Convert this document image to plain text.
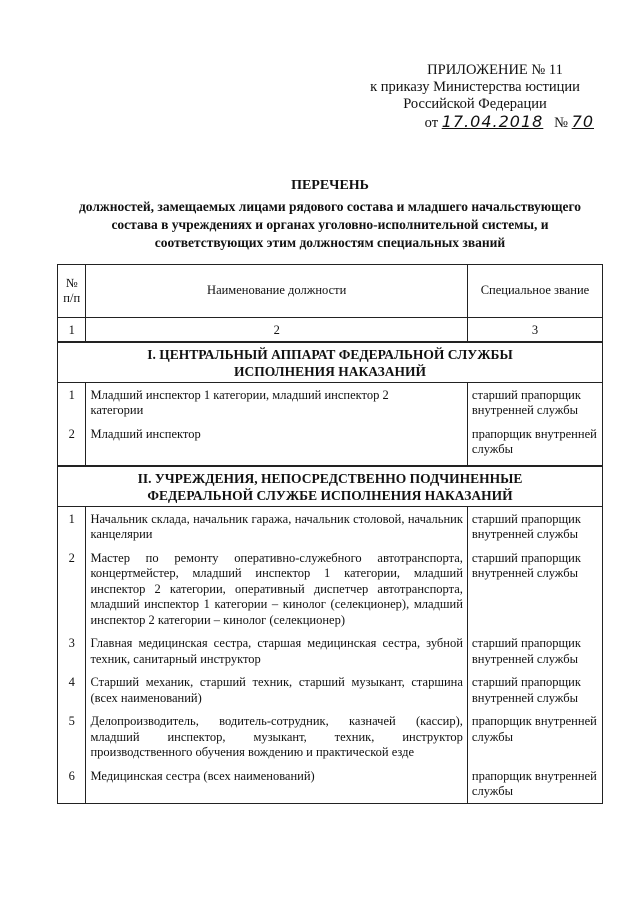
ПРИЛОЖЕНИЕ № 11
к приказу Министерства юстиции
Российской Федерации
от 17.04.2018 № 70
ПЕРЕЧЕНЬ
должностей, замещаемых лицами рядового состава и младшего начальствующего состава в учреждениях и органах уголовно-исполнительной системы, и соответствующих этим должностям специальных званий
№ п/п	Наименование должности	Специальное звание
1	2	3
I. ЦЕНТРАЛЬНЫЙ АППАРАТ ФЕДЕРАЛЬНОЙ СЛУЖБЫ ИСПОЛНЕНИЯ НАКАЗАНИЙ		
1	Младший инспектор 1 категории, младший инспектор 2 категории	старший прапорщик внутренней службы
2	Младший инспектор	прапорщик внутренней службы
II. УЧРЕЖДЕНИЯ, НЕПОСРЕДСТВЕННО ПОДЧИНЕННЫЕ ФЕДЕРАЛЬНОЙ СЛУЖБЕ ИСПОЛНЕНИЯ НАКАЗАНИЙ		
1	Начальник склада, начальник гаража, начальник столовой, начальник канцелярии	старший прапорщик внутренней службы
2	Мастер по ремонту оперативно-служебного автотранспорта, концертмейстер, младший инспектор 1 категории, младший инспектор 2 категории, оперативный диспетчер автотранспорта, младший инспектор 1 категории – кинолог (селекционер), младший инспектор 2 категории – кинолог (селекционер)	старший прапорщик внутренней службы
3	Главная медицинская сестра, старшая медицинская сестра, зубной техник, санитарный инструктор	старший прапорщик внутренней службы
4	Старший механик, старший техник, старший музыкант, старшина (всех наименований)	старший прапорщик внутренней службы
5	Делопроизводитель, водитель-сотрудник, казначей (кассир), младший инспектор, музыкант, техник, инструктор производственного обучения вождению и практической езде	прапорщик внутренней службы
6	Медицинская сестра (всех наименований)	прапорщик внутренней службы
